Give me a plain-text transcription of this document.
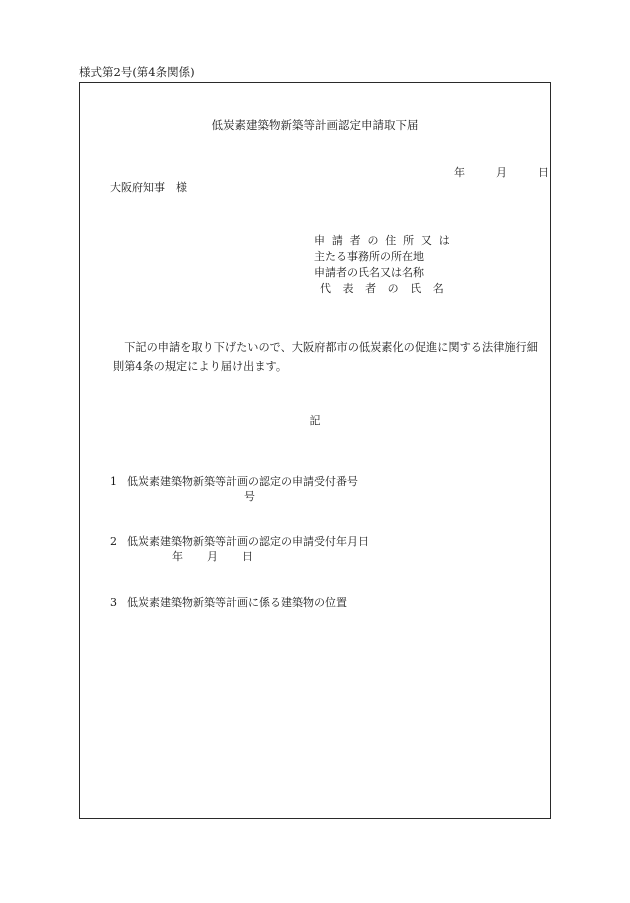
様式第2号(第4条関係)
低炭素建築物新築等計画認定申請取下届
年	月	日
大阪府知事　様
申請者の住所又は
主たる事務所の所在地
申請者の氏名又は名称
代表者の氏名
下記の申請を取り下げたいので、大阪府都市の低炭素化の促進に関する法律施行細則第4条の規定により届け出ます。
記
1 低炭素建築物新築等計画の認定の申請受付番号
号
2 低炭素建築物新築等計画の認定の申請受付年月日
年 月 日
3 低炭素建築物新築等計画に係る建築物の位置
